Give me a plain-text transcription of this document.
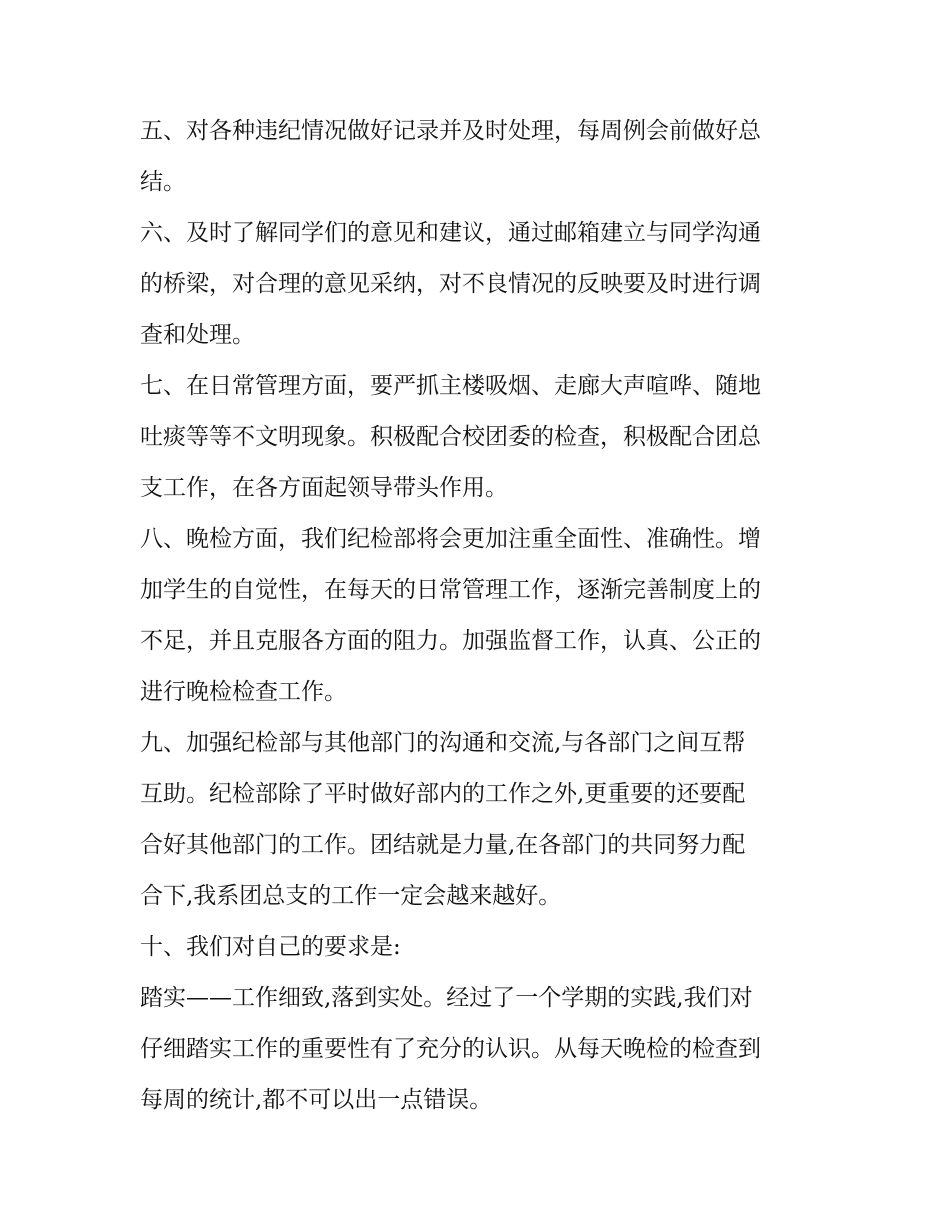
五、对各种违纪情况做好记录并及时处理，每周例会前做好总
结。
六、及时了解同学们的意见和建议，通过邮箱建立与同学沟通
的桥梁，对合理的意见采纳，对不良情况的反映要及时进行调
查和处理。
七、在日常管理方面，要严抓主楼吸烟、走廊大声喧哗、随地
吐痰等等不文明现象。积极配合校团委的检查，积极配合团总
支工作，在各方面起领导带头作用。
八、晚检方面，我们纪检部将会更加注重全面性、准确性。增
加学生的自觉性，在每天的日常管理工作，逐渐完善制度上的
不足，并且克服各方面的阻力。加强监督工作，认真、公正的
进行晚检检查工作。
九、加强纪检部与其他部门的沟通和交流,与各部门之间互帮
互助。纪检部除了平时做好部内的工作之外,更重要的还要配
合好其他部门的工作。团结就是力量,在各部门的共同努力配
合下,我系团总支的工作一定会越来越好。
十、我们对自己的要求是:
踏实——工作细致,落到实处。经过了一个学期的实践,我们对
仔细踏实工作的重要性有了充分的认识。从每天晚检的检查到
每周的统计,都不可以出一点错误。
